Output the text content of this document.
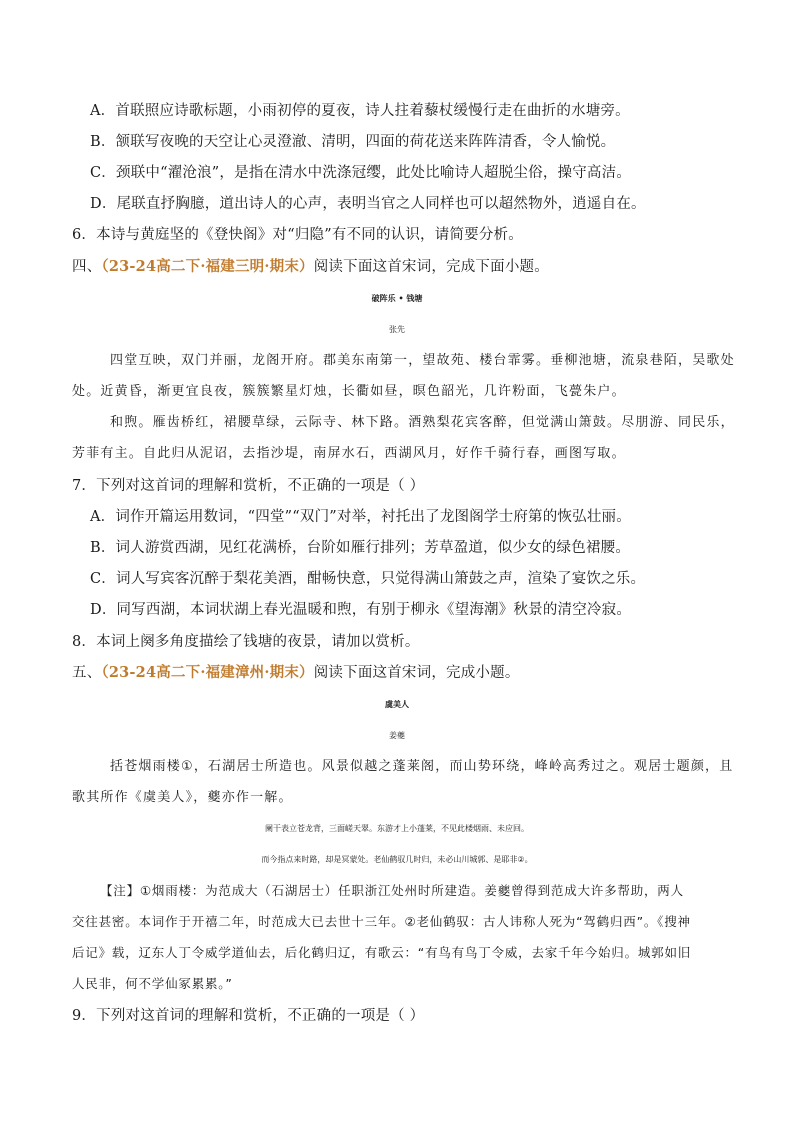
A．首联照应诗歌标题，小雨初停的夏夜，诗人拄着藜杖缓慢行走在曲折的水塘旁。
B．颔联写夜晚的天空让心灵澄澈、清明，四面的荷花送来阵阵清香，令人愉悦。
C．颈联中“濯沧浪”，是指在清水中洗涤冠缨，此处比喻诗人超脱尘俗，操守高洁。
D．尾联直抒胸臆，道出诗人的心声，表明当官之人同样也可以超然物外，逍遥自在。
6．本诗与黄庭坚的《登快阁》对“归隐”有不同的认识，请简要分析。
四、（23-24高二下·福建三明·期末）阅读下面这首宋词，完成下面小题。
破阵乐 • 钱塘
张先
四堂互映，双门并丽，龙阁开府。郡美东南第一，望故苑、楼台霏雾。垂柳池塘，流泉巷陌，吴歌处
处。近黄昏，渐更宜良夜，簇簇繁星灯烛，长衢如昼，暝色韶光，几许粉面，飞甍朱户。
和煦。雁齿桥红，裙腰草绿，云际寺、林下路。酒熟梨花宾客醉，但觉满山箫鼓。尽朋游、同民乐，
芳菲有主。自此归从泥诏，去指沙堤，南屏水石，西湖风月，好作千骑行春，画图写取。
7．下列对这首词的理解和赏析，不正确的一项是（ ）
A．词作开篇运用数词，“四堂”“双门”对举，衬托出了龙图阁学士府第的恢弘壮丽。
B．词人游赏西湖，见红花满桥，台阶如雁行排列；芳草盈道，似少女的绿色裙腰。
C．词人写宾客沉醉于梨花美酒，酣畅快意，只觉得满山箫鼓之声，渲染了宴饮之乐。
D．同写西湖，本词状湖上春光温暖和煦，有别于柳永《望海潮》秋景的清空冷寂。
8．本词上阕多角度描绘了钱塘的夜景，请加以赏析。
五、（23-24高二下·福建漳州·期末）阅读下面这首宋词，完成小题。
虞美人
姜夔
括苍烟雨楼①，石湖居士所造也。风景似越之蓬莱阁，而山势环绕，峰岭高秀过之。观居士题颜，且
歌其所作《虞美人》，夔亦作一解。
阑干表立苍龙背，三面嵯天翠。东游才上小蓬莱，不见此楼烟雨、未应回。
而今指点来时路，却是冥蒙处。老仙鹤驭几时归，未必山川城郭、是耶非②。
【注】①烟雨楼：为范成大（石湖居士）任职浙江处州时所建造。姜夔曾得到范成大许多帮助，两人
交往甚密。本词作于开禧二年，时范成大已去世十三年。②老仙鹤驭：古人讳称人死为“驾鹤归西”。《搜神
后记》载，辽东人丁令威学道仙去，后化鹤归辽，有歌云：“有鸟有鸟丁令威，去家千年今始归。城郭如旧
人民非，何不学仙冢累累。”
9．下列对这首词的理解和赏析，不正确的一项是（ ）
